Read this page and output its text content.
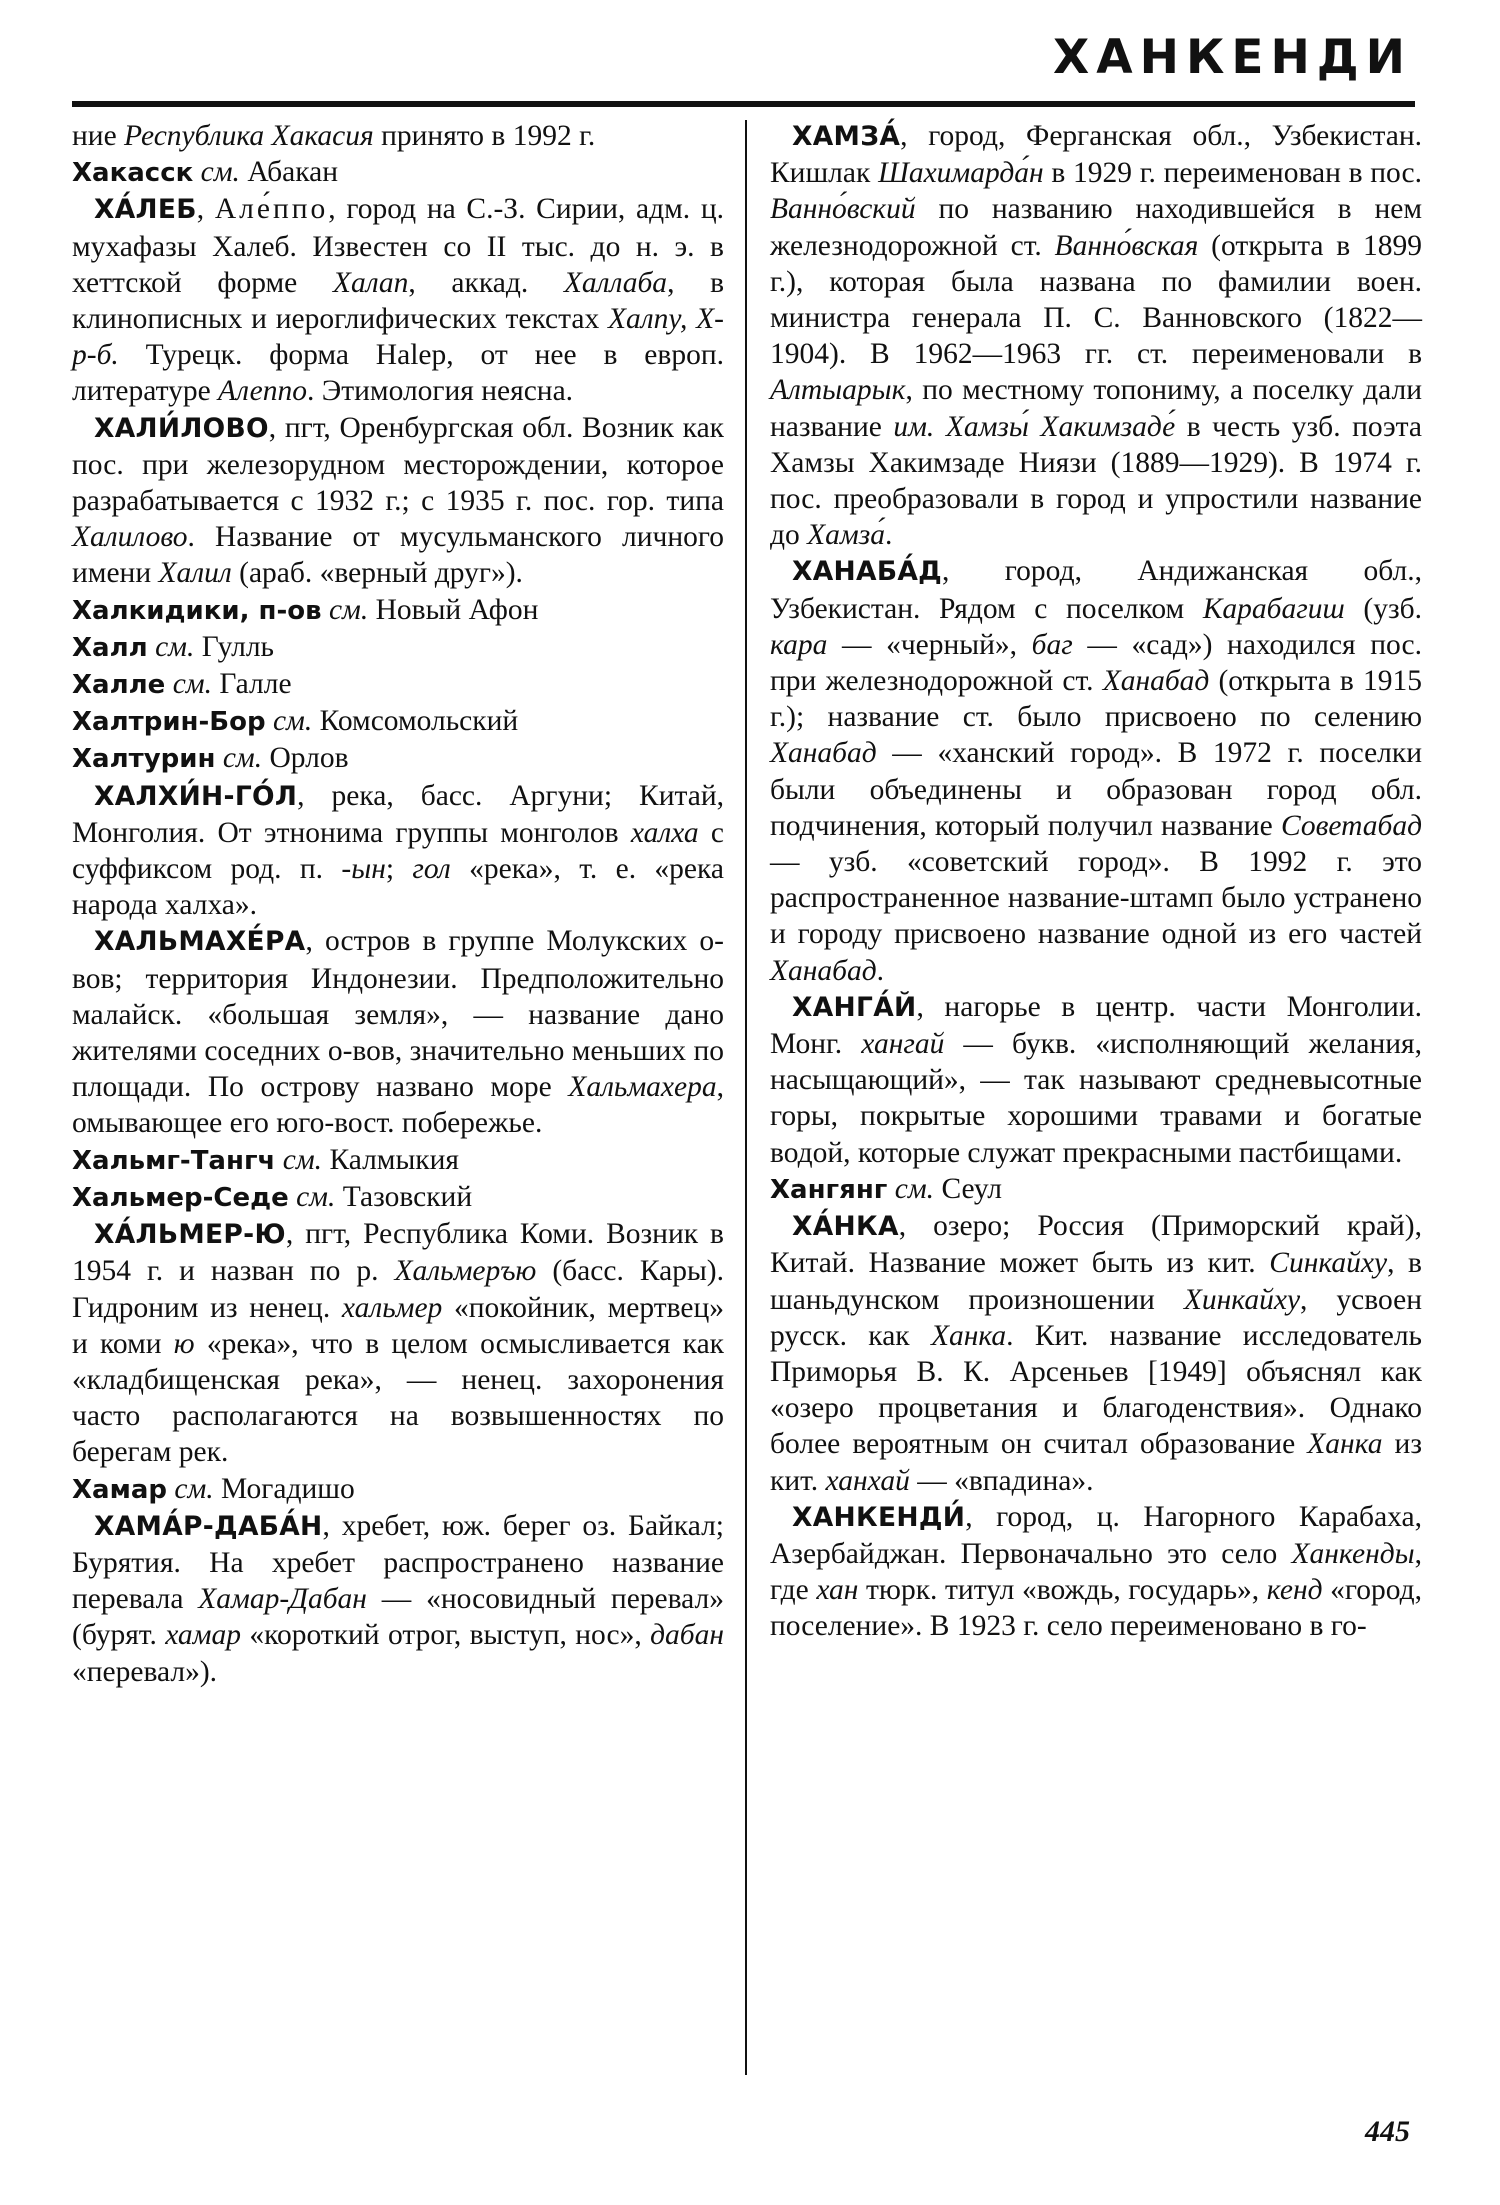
ХАНКЕНДИ

ние Республика Хакасия принято в 1992 г.

Хакасск см. Абакан

ХА́ЛЕБ, Але́ппо, город на С.-З. Сирии, адм. ц. мухафазы Халеб. Известен со II тыс. до н. э. в хеттской форме Халап, аккад. Халлаба, в клинописных и иероглифических текстах Халпу, Х-р-б. Турецк. форма Halep, от нее в европ. литературе Алеппо. Этимология неясна.

ХАЛИ́ЛОВО, пгт, Оренбургская обл. Возник как пос. при железорудном месторождении, которое разрабатывается с 1932 г.; с 1935 г. пос. гор. типа Халилово. Название от мусульманского личного имени Халил (араб. «верный друг»).

Халкидики, п-ов см. Новый Афон

Халл см. Гулль

Халле см. Галле

Халтрин-Бор см. Комсомольский

Халтурин см. Орлов

ХАЛХИ́Н-ГО́Л, река, басс. Аргуни; Китай, Монголия. От этнонима группы монголов халха с суффиксом род. п. -ын; гол «река», т. е. «река народа халха».

ХАЛЬМАХЕ́РА, остров в группе Молукских о-вов; территория Индонезии. Предположительно малайск. «большая земля», — название дано жителями соседних о-вов, значительно меньших по площади. По острову названо море Хальмахера, омывающее его юго-вост. побережье.

Хальмг-Тангч см. Калмыкия

Хальмер-Седе см. Тазовский

ХА́ЛЬМЕР-Ю, пгт, Республика Коми. Возник в 1954 г. и назван по р. Хальмеръю (басс. Кары). Гидроним из ненец. хальмер «покойник, мертвец» и коми ю «река», что в целом осмысливается как «кладбищенская река», — ненец. захоронения часто располагаются на возвышенностях по берегам рек.

Хамар см. Могадишо

ХАМА́Р-ДАБА́Н, хребет, юж. берег оз. Байкал; Бурятия. На хребет распространено название перевала Хамар-Дабан — «носовидный перевал» (бурят. хамар «короткий отрог, выступ, нос», дабан «перевал»).

ХАМЗА́, город, Ферганская обл., Узбекистан. Кишлак Шахимарда́н в 1929 г. переименован в пос. Ванно́вский по названию находившейся в нем железнодорожной ст. Ванно́вская (открыта в 1899 г.), которая была названа по фамилии воен. министра генерала П. С. Ванновского (1822—1904). В 1962—1963 гг. ст. переименовали в Алтыарык, по местному топониму, а поселку дали название им. Хамзы́ Хакимзаде́ в честь узб. поэта Хамзы Хакимзаде Ниязи (1889—1929). В 1974 г. пос. преобразовали в город и упростили название до Хамза́.

ХАНАБА́Д, город, Андижанская обл., Узбекистан. Рядом с поселком Карабагиш (узб. кара — «черный», баг — «сад») находился пос. при железнодорожной ст. Ханабад (открыта в 1915 г.); название ст. было присвоено по селению Ханабад — «ханский город». В 1972 г. поселки были объединены и образован город обл. подчинения, который получил название Советабад — узб. «советский город». В 1992 г. это распространенное название-штамп было устранено и городу присвоено название одной из его частей Ханабад.

ХАНГА́Й, нагорье в центр. части Монголии. Монг. хангай — букв. «исполняющий желания, насыщающий», — так называют средневысотные горы, покрытые хорошими травами и богатые водой, которые служат прекрасными пастбищами.

Хангянг см. Сеул

ХА́НКА, озеро; Россия (Приморский край), Китай. Название может быть из кит. Синкайху, в шаньдунском произношении Хинкайху, усвоен русск. как Ханка. Кит. название исследователь Приморья В. К. Арсеньев [1949] объяснял как «озеро процветания и благоденствия». Однако более вероятным он считал образование Ханка из кит. ханхай — «впадина».

ХАНКЕНДИ́, город, ц. Нагорного Карабаха, Азербайджан. Первоначально это село Ханкенды, где хан тюрк. титул «вождь, государь», кенд «город, поселение». В 1923 г. село переименовано в го-

445
